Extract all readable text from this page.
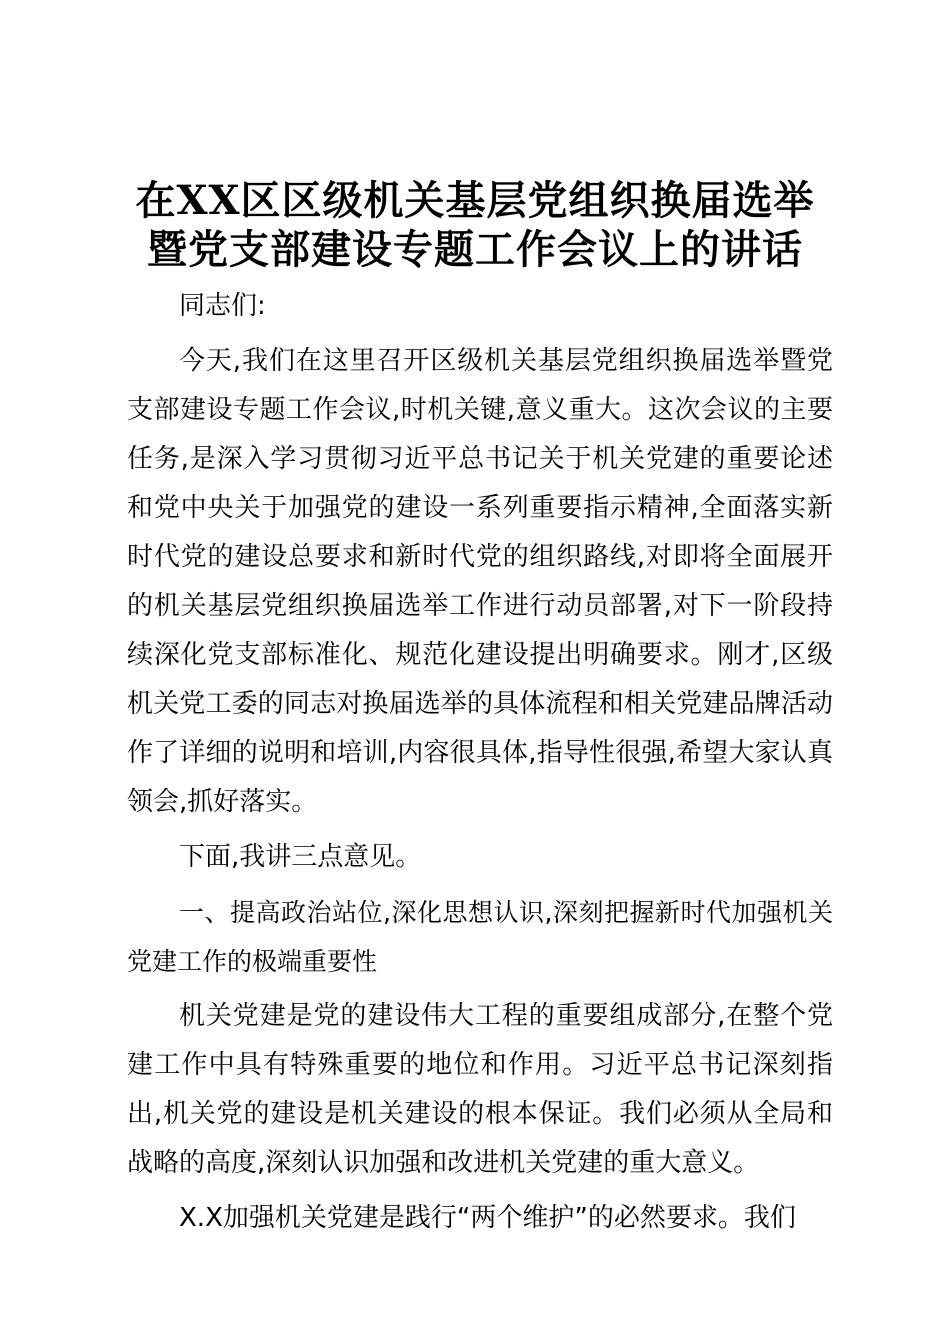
在XX区区级机关基层党组织换届选举
暨党支部建设专题工作会议上的讲话

同志们:

今天,我们在这里召开区级机关基层党组织换届选举暨党支部建设专题工作会议,时机关键,意义重大。这次会议的主要任务,是深入学习贯彻习近平总书记关于机关党建的重要论述和党中央关于加强党的建设一系列重要指示精神,全面落实新时代党的建设总要求和新时代党的组织路线,对即将全面展开的机关基层党组织换届选举工作进行动员部署,对下一阶段持续深化党支部标准化、规范化建设提出明确要求。刚才,区级机关党工委的同志对换届选举的具体流程和相关党建品牌活动作了详细的说明和培训,内容很具体,指导性很强,希望大家认真领会,抓好落实。

下面,我讲三点意见。

一、提高政治站位,深化思想认识,深刻把握新时代加强机关党建工作的极端重要性

机关党建是党的建设伟大工程的重要组成部分,在整个党建工作中具有特殊重要的地位和作用。习近平总书记深刻指出,机关党的建设是机关建设的根本保证。我们必须从全局和战略的高度,深刻认识加强和改进机关党建的重大意义。

X.X加强机关党建是践行“两个维护”的必然要求。我们
